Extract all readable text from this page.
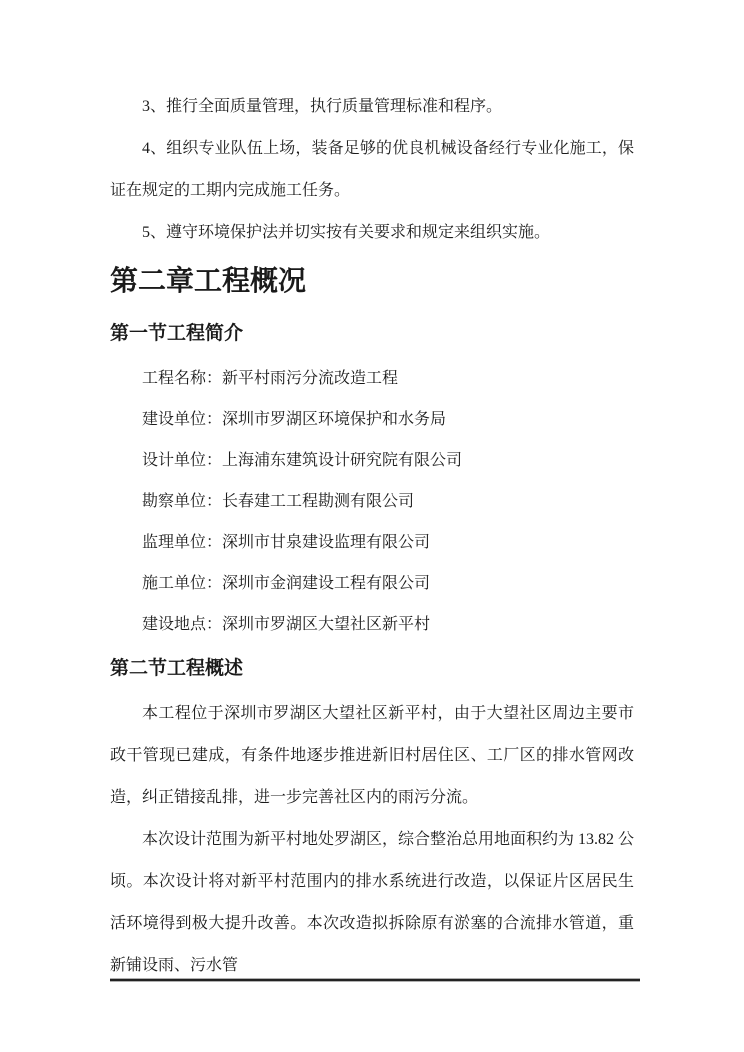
3、推行全面质量管理，执行质量管理标准和程序。

4、组织专业队伍上场，装备足够的优良机械设备经行专业化施工，保证在规定的工期内完成施工任务。

5、遵守环境保护法并切实按有关要求和规定来组织实施。

第二章工程概况
第一节工程简介

工程名称：新平村雨污分流改造工程

建设单位：深圳市罗湖区环境保护和水务局

设计单位：上海浦东建筑设计研究院有限公司

勘察单位：长春建工工程勘测有限公司

监理单位：深圳市甘泉建设监理有限公司

施工单位：深圳市金润建设工程有限公司

建设地点：深圳市罗湖区大望社区新平村

第二节工程概述

本工程位于深圳市罗湖区大望社区新平村，由于大望社区周边主要市政干管现已建成，有条件地逐步推进新旧村居住区、工厂区的排水管网改造，纠正错接乱排，进一步完善社区内的雨污分流。

本次设计范围为新平村地处罗湖区，综合整治总用地面积约为 13.82 公顷。本次设计将对新平村范围内的排水系统进行改造，以保证片区居民生活环境得到极大提升改善。本次改造拟拆除原有淤塞的合流排水管道，重新铺设雨、污水管
